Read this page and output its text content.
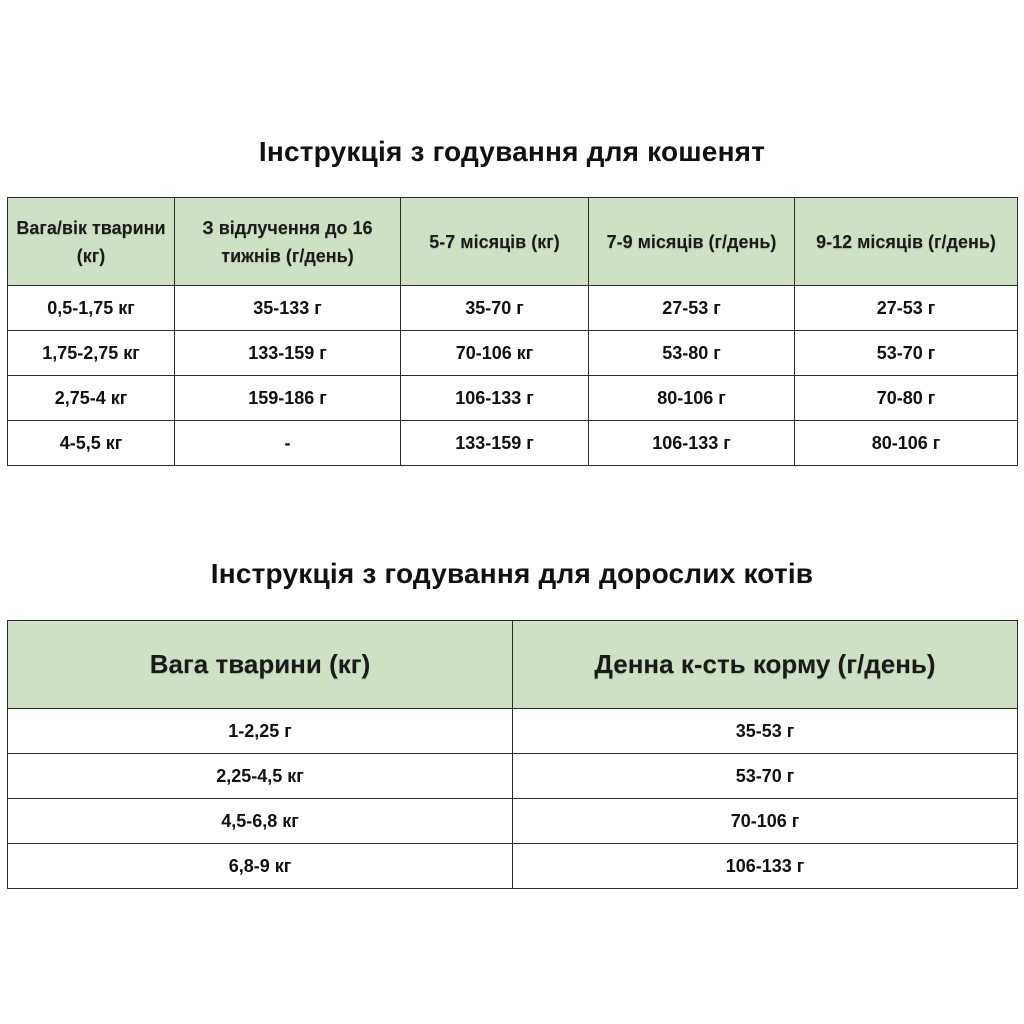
Інструкція з годування для кошенят
Вага/вік тварини (кг)	З відлучення до 16 тижнів (г/день)	5-7 місяців (кг)	7-9 місяців (г/день)	9-12 місяців (г/день)
0,5-1,75 кг	35-133 г	35-70 г	27-53 г	27-53 г
1,75-2,75 кг	133-159 г	70-106 кг	53-80 г	53-70 г
2,75-4 кг	159-186 г	106-133 г	80-106 г	70-80 г
4-5,5 кг	-	133-159 г	106-133 г	80-106 г
Інструкція з годування для дорослих котів
Вага тварини (кг)	Денна к-сть корму (г/день)
1-2,25 г	35-53 г
2,25-4,5 кг	53-70 г
4,5-6,8 кг	70-106 г
6,8-9 кг	106-133 г
